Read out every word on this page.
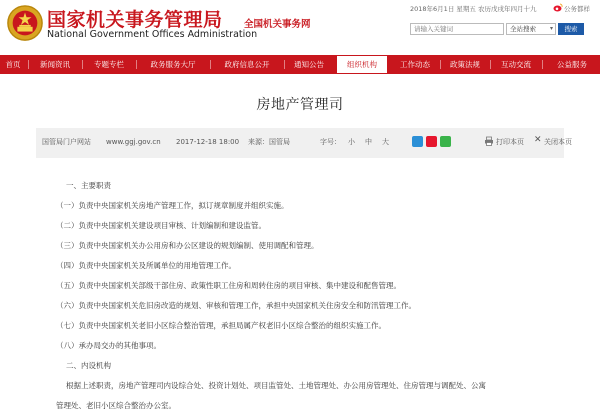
国家机关事务管理局
National Government Offices Administration
全国机关事务网
2018年6月1日 星期五 农历戊戌年四月十九	公务都样
请输入关键词
全站搜索 ▾	搜索
首页	新闻资讯	专题专栏	政务服务大厅	政府信息公开	通知公告	组织机构	工作动态	政策法规	互动交流	公益服务
房地产管理司
国管局门户网站 www.ggj.gov.cn 2017-12-18 18:00 来源：国管局	字号： 小 中 大	打印本页 ✕ 关闭本页
一、主要职责
（一）负责中央国家机关房地产管理工作，拟订规章制度并组织实施。
（二）负责中央国家机关建设项目审核、计划编制和建设监管。
（三）负责中央国家机关办公用房和办公区建设的规划编制、使用调配和管理。
（四）负责中央国家机关及所属单位的用地管理工作。
（五）负责中央国家机关部级干部住房、政策性职工住房和周转住房的项目审核、集中建设和配售管理。
（六）负责中央国家机关危旧房改造的规划、审核和管理工作，承担中央国家机关住房安全和防汛管理工作。
（七）负责中央国家机关老旧小区综合整治管理，承担局属产权老旧小区综合整治的组织实施工作。
（八）承办局交办的其他事项。
二、内设机构
根据上述职责，房地产管理司内设综合处、投资计划处、项目监管处、土地管理处、办公用房管理处、住房管理与调配处、公寓
管理处、老旧小区综合整治办公室。
